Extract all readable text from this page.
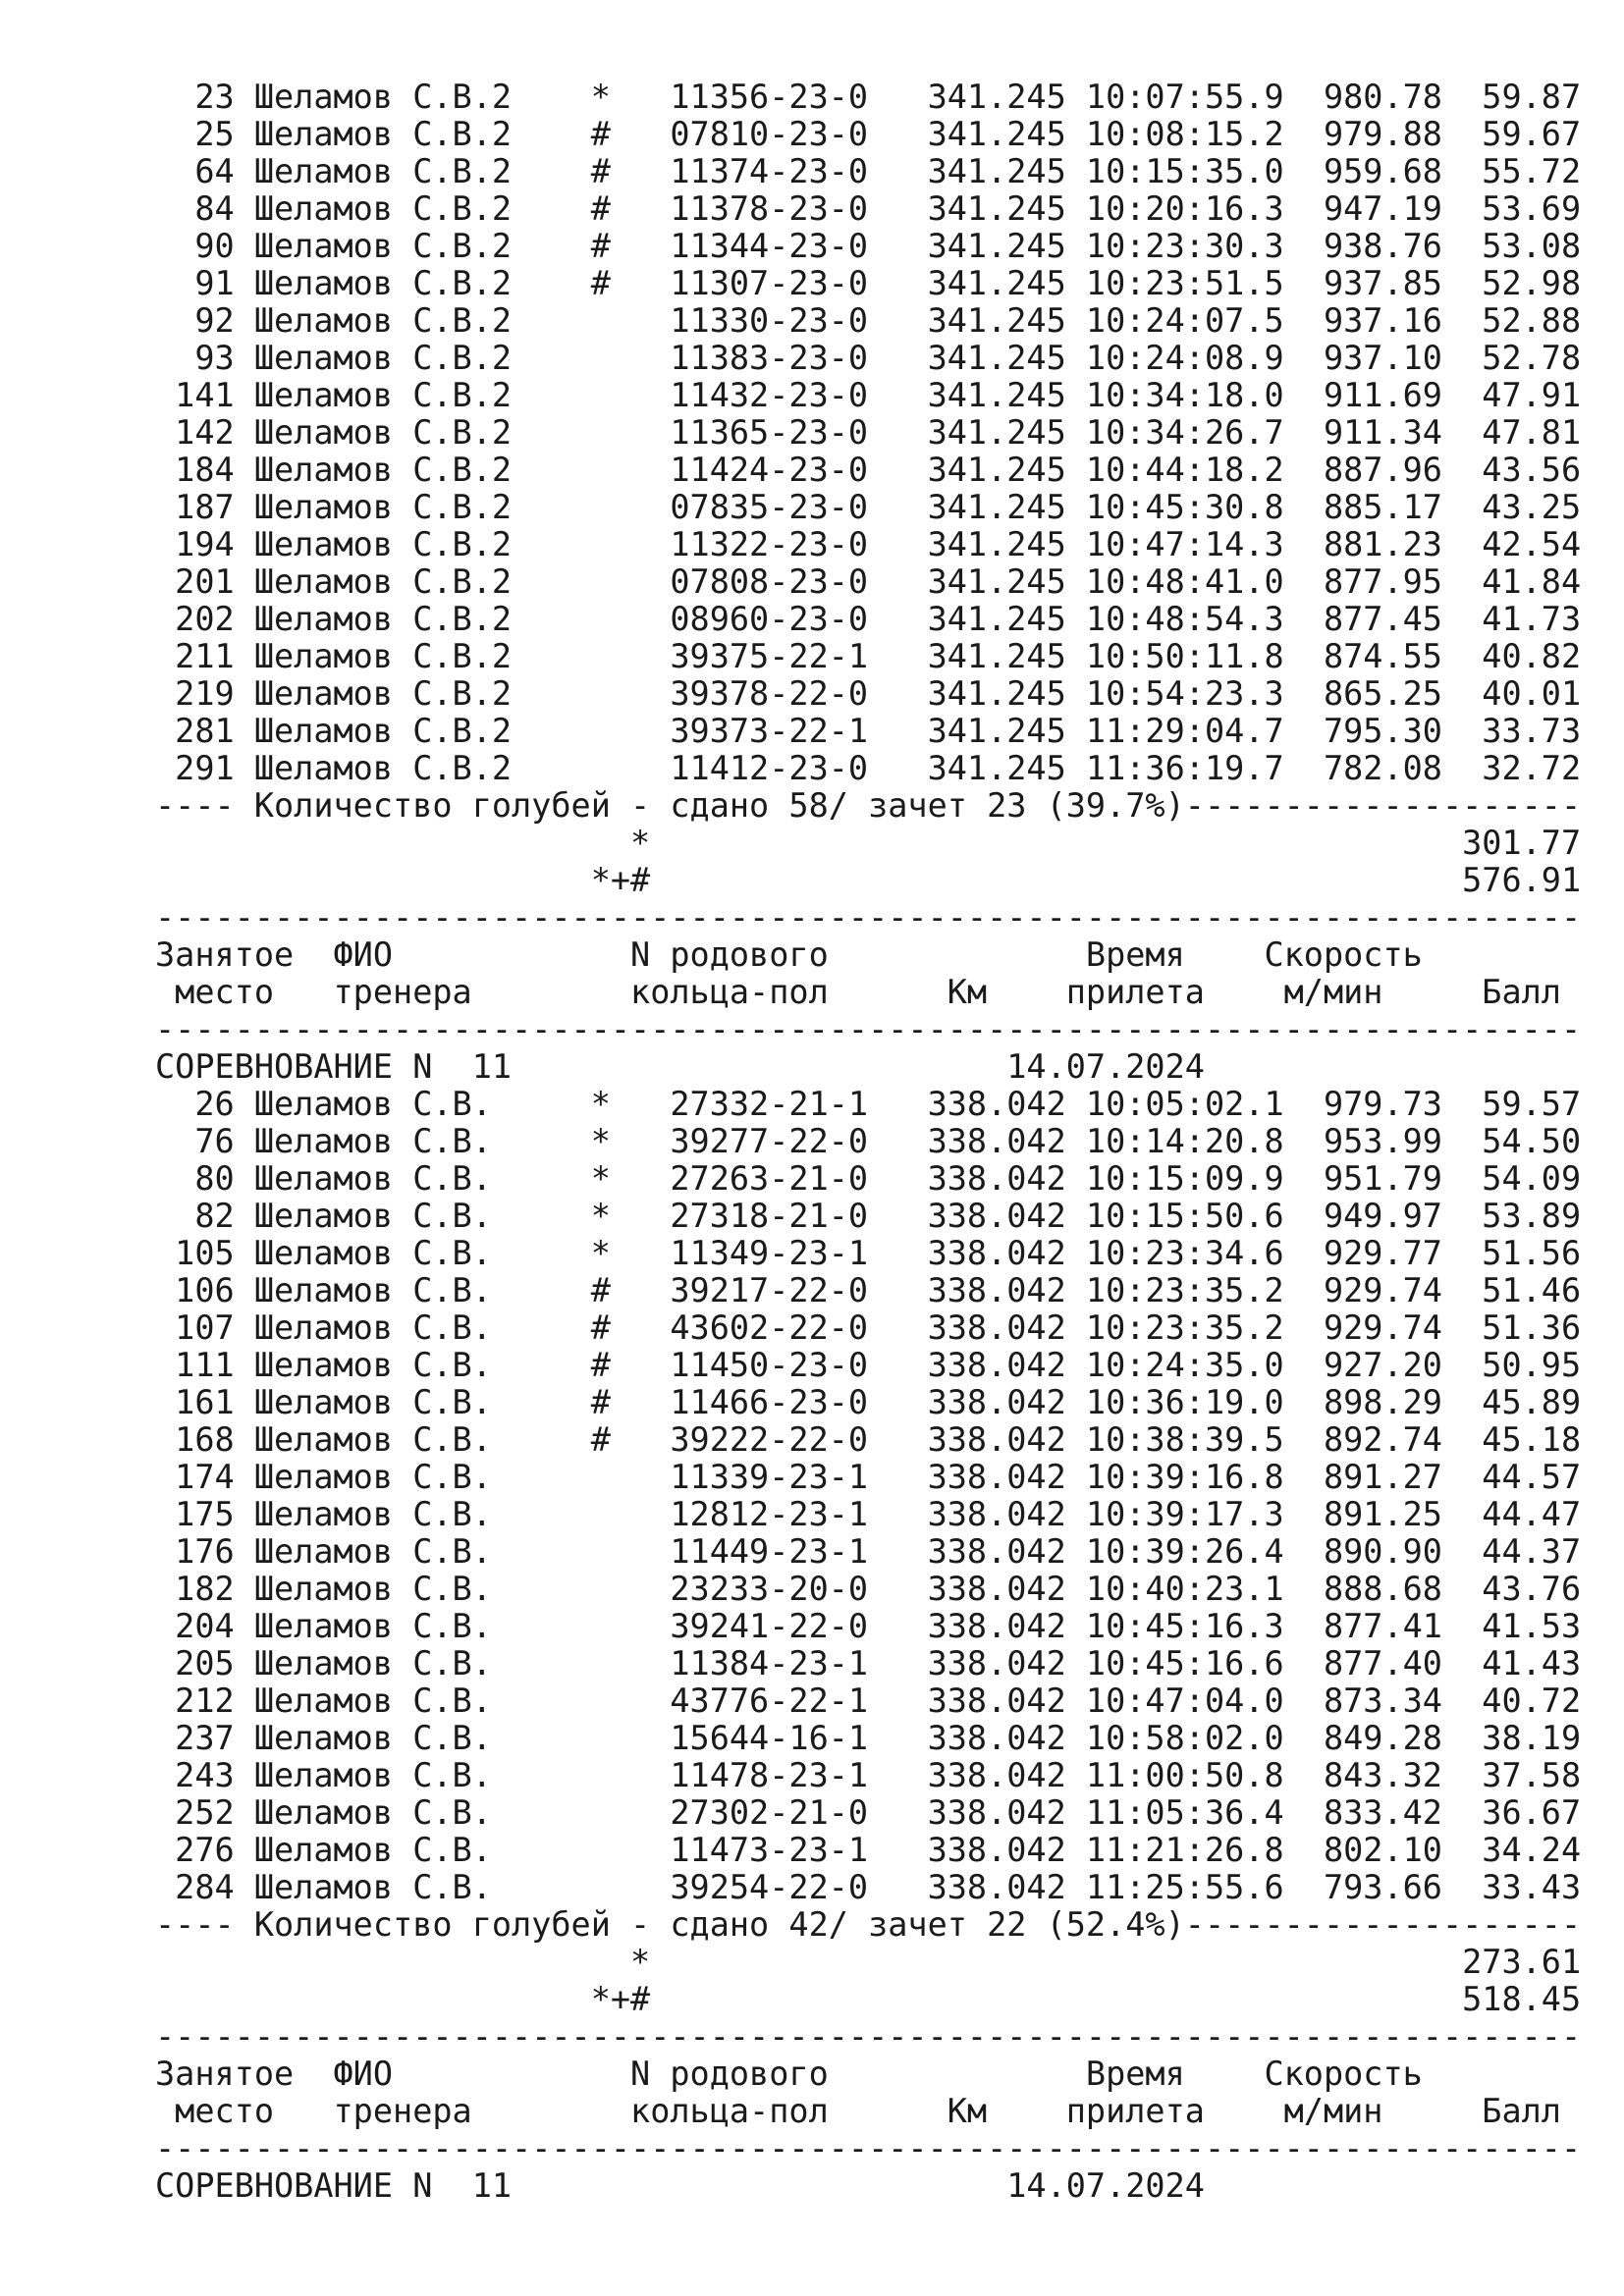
23 Шеламов С.В.2    *   11356-23-0   341.245 10:07:55.9  980.78  59.87
25 Шеламов С.В.2    #   07810-23-0   341.245 10:08:15.2  979.88  59.67
64 Шеламов С.В.2    #   11374-23-0   341.245 10:15:35.0  959.68  55.72
84 Шеламов С.В.2    #   11378-23-0   341.245 10:20:16.3  947.19  53.69
90 Шеламов С.В.2    #   11344-23-0   341.245 10:23:30.3  938.76  53.08
91 Шеламов С.В.2    #   11307-23-0   341.245 10:23:51.5  937.85  52.98
92 Шеламов С.В.2        11330-23-0   341.245 10:24:07.5  937.16  52.88
93 Шеламов С.В.2        11383-23-0   341.245 10:24:08.9  937.10  52.78
141 Шеламов С.В.2        11432-23-0   341.245 10:34:18.0  911.69  47.91
142 Шеламов С.В.2        11365-23-0   341.245 10:34:26.7  911.34  47.81
184 Шеламов С.В.2        11424-23-0   341.245 10:44:18.2  887.96  43.56
187 Шеламов С.В.2        07835-23-0   341.245 10:45:30.8  885.17  43.25
194 Шеламов С.В.2        11322-23-0   341.245 10:47:14.3  881.23  42.54
201 Шеламов С.В.2        07808-23-0   341.245 10:48:41.0  877.95  41.84
202 Шеламов С.В.2        08960-23-0   341.245 10:48:54.3  877.45  41.73
211 Шеламов С.В.2        39375-22-1   341.245 10:50:11.8  874.55  40.82
219 Шеламов С.В.2        39378-22-0   341.245 10:54:23.3  865.25  40.01
281 Шеламов С.В.2        39373-22-1   341.245 11:29:04.7  795.30  33.73
291 Шеламов С.В.2        11412-23-0   341.245 11:36:19.7  782.08  32.72
---- Количество голубей - сдано 58/ зачет 23 (39.7%)--------------------
*                                         301.77
*+#                                         576.91
------------------------------------------------------------------------
Занятое  ФИО            N родового             Время    Скорость
место   тренера        кольца-пол      Км    прилета    м/мин     Балл
------------------------------------------------------------------------
СОРЕВНОВАНИЕ N  11                         14.07.2024
26 Шеламов С.В.     *   27332-21-1   338.042 10:05:02.1  979.73  59.57
76 Шеламов С.В.     *   39277-22-0   338.042 10:14:20.8  953.99  54.50
80 Шеламов С.В.     *   27263-21-0   338.042 10:15:09.9  951.79  54.09
82 Шеламов С.В.     *   27318-21-0   338.042 10:15:50.6  949.97  53.89
105 Шеламов С.В.     *   11349-23-1   338.042 10:23:34.6  929.77  51.56
106 Шеламов С.В.     #   39217-22-0   338.042 10:23:35.2  929.74  51.46
107 Шеламов С.В.     #   43602-22-0   338.042 10:23:35.2  929.74  51.36
111 Шеламов С.В.     #   11450-23-0   338.042 10:24:35.0  927.20  50.95
161 Шеламов С.В.     #   11466-23-0   338.042 10:36:19.0  898.29  45.89
168 Шеламов С.В.     #   39222-22-0   338.042 10:38:39.5  892.74  45.18
174 Шеламов С.В.         11339-23-1   338.042 10:39:16.8  891.27  44.57
175 Шеламов С.В.         12812-23-1   338.042 10:39:17.3  891.25  44.47
176 Шеламов С.В.         11449-23-1   338.042 10:39:26.4  890.90  44.37
182 Шеламов С.В.         23233-20-0   338.042 10:40:23.1  888.68  43.76
204 Шеламов С.В.         39241-22-0   338.042 10:45:16.3  877.41  41.53
205 Шеламов С.В.         11384-23-1   338.042 10:45:16.6  877.40  41.43
212 Шеламов С.В.         43776-22-1   338.042 10:47:04.0  873.34  40.72
237 Шеламов С.В.         15644-16-1   338.042 10:58:02.0  849.28  38.19
243 Шеламов С.В.         11478-23-1   338.042 11:00:50.8  843.32  37.58
252 Шеламов С.В.         27302-21-0   338.042 11:05:36.4  833.42  36.67
276 Шеламов С.В.         11473-23-1   338.042 11:21:26.8  802.10  34.24
284 Шеламов С.В.         39254-22-0   338.042 11:25:55.6  793.66  33.43
---- Количество голубей - сдано 42/ зачет 22 (52.4%)--------------------
*                                         273.61
*+#                                         518.45
------------------------------------------------------------------------
Занятое  ФИО            N родового             Время    Скорость
место   тренера        кольца-пол      Км    прилета    м/мин     Балл
------------------------------------------------------------------------
СОРЕВНОВАНИЕ N  11                         14.07.2024
